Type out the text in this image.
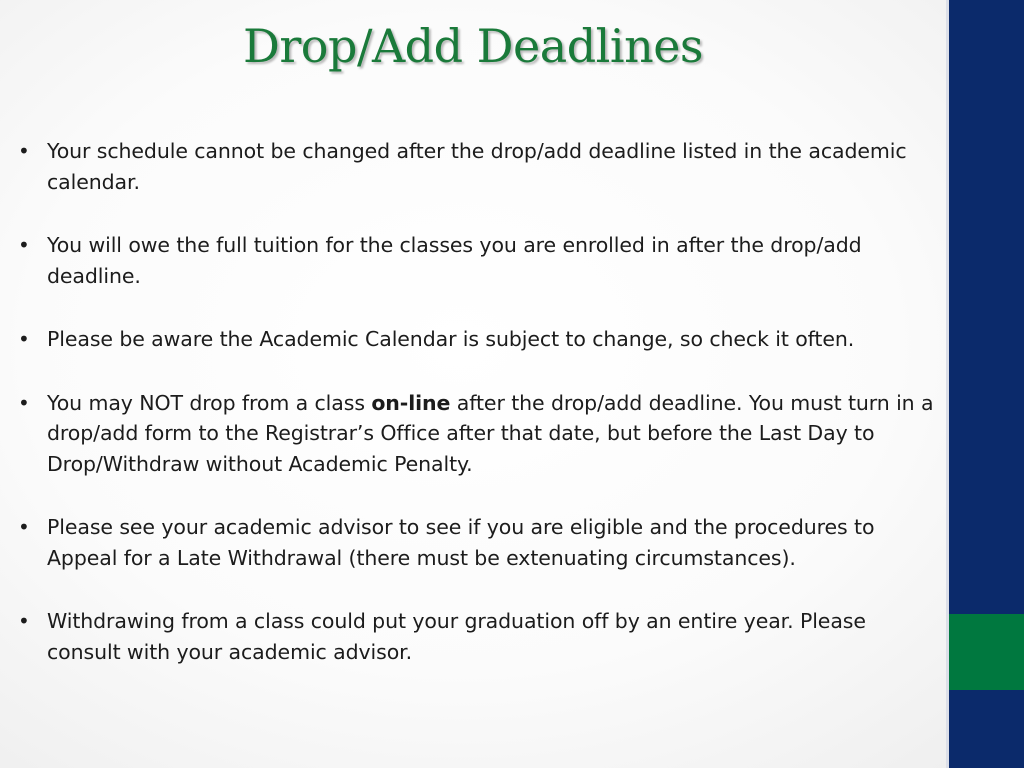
Drop/Add Deadlines
• Your schedule cannot be changed after the drop/add deadline listed in the academic calendar.
• You will owe the full tuition for the classes you are enrolled in after the drop/add deadline.
• Please be aware the Academic Calendar is subject to change, so check it often.
• You may NOT drop from a class on-line after the drop/add deadline. You must turn in a drop/add form to the Registrar’s Office after that date, but before the Last Day to Drop/Withdraw without Academic Penalty.
• Please see your academic advisor to see if you are eligible and the procedures to Appeal for a Late Withdrawal (there must be extenuating circumstances).
• Withdrawing from a class could put your graduation off by an entire year. Please consult with your academic advisor.
